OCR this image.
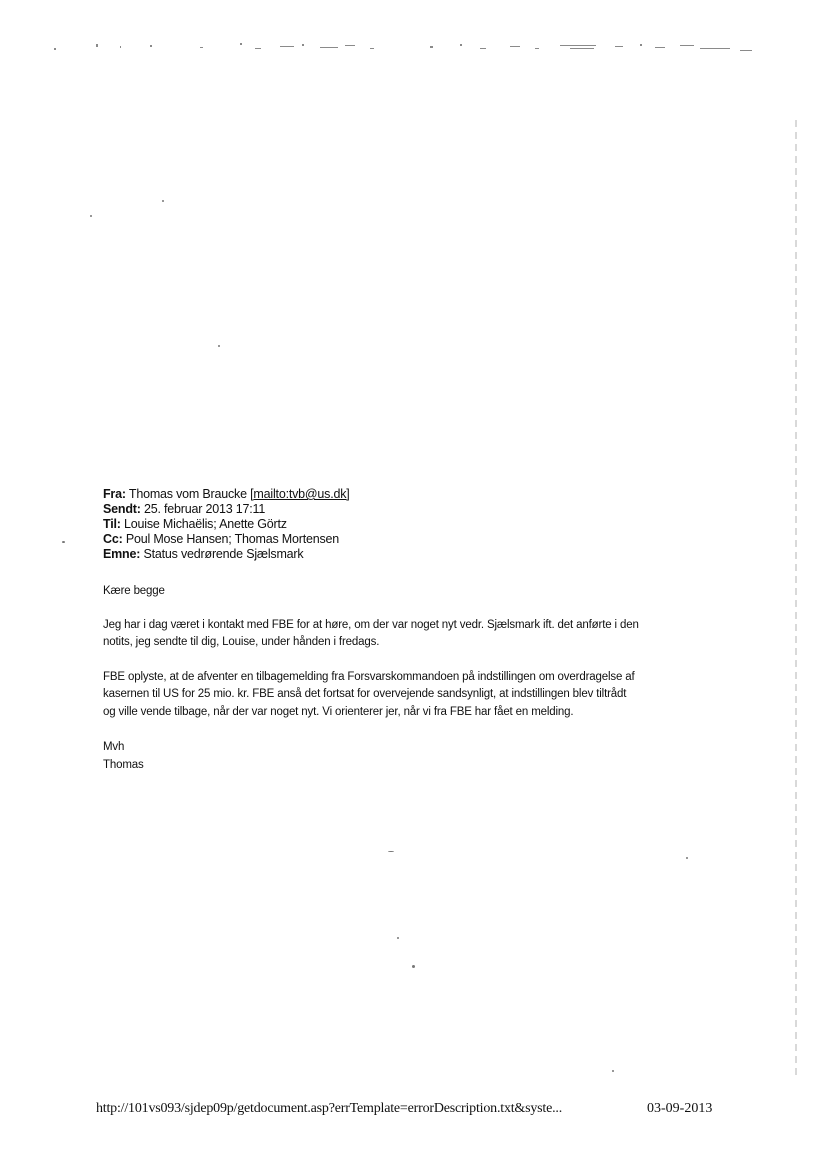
Fra: Thomas vom Braucke [mailto:tvb@us.dk]
Sendt: 25. februar 2013 17:11
Til: Louise Michaëlis; Anette Görtz
Cc: Poul Mose Hansen; Thomas Mortensen
Emne: Status vedrørende Sjælsmark

Kære begge

Jeg har i dag været i kontakt med FBE for at høre, om der var noget nyt vedr. Sjælsmark ift. det anførte i den

notits, jeg sendte til dig, Louise, under hånden i fredags.

FBE oplyste, at de afventer en tilbagemelding fra Forsvarskommandoen på indstillingen om overdragelse af

kasernen til US for 25 mio. kr. FBE anså det fortsat for overvejende sandsynligt, at indstillingen blev tiltrådt

og ville vende tilbage, når der var noget nyt. Vi orienterer jer, når vi fra FBE har fået en melding.

Mvh

Thomas

http://101vs093/sjdep09p/getdocument.asp?errTemplate=errorDescription.txt&syste...	03-09-2013
